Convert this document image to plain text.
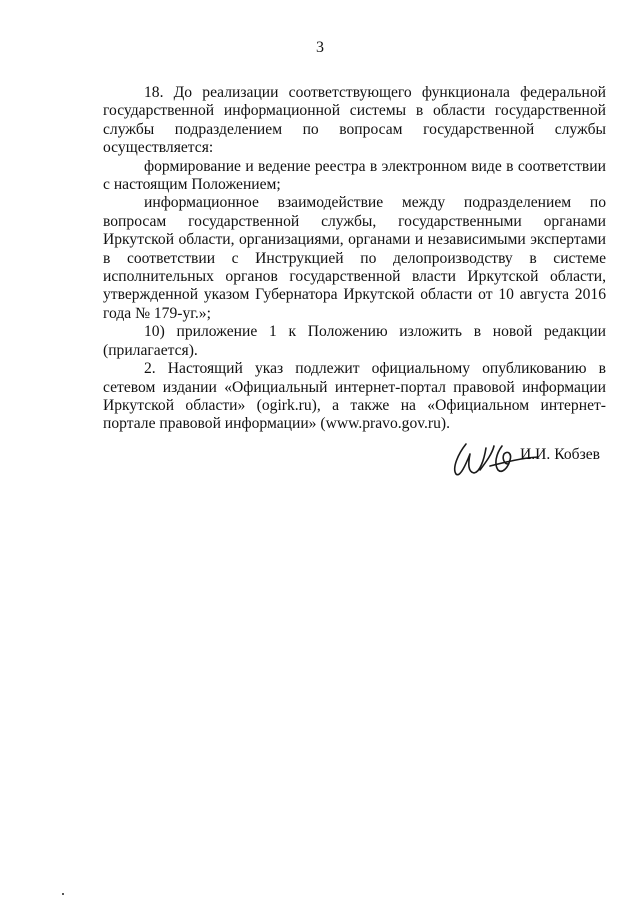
3

18. До реализации соответствующего функционала федеральной государственной информационной системы в области государственной службы подразделением по вопросам государственной службы осуществляется:

формирование и ведение реестра в электронном виде в соответствии с настоящим Положением;

информационное взаимодействие между подразделением по вопросам государственной службы, государственными органами Иркутской области, организациями, органами и независимыми экспертами в соответствии с Инструкцией по делопроизводству в системе исполнительных органов государственной власти Иркутской области, утвержденной указом Губернатора Иркутской области от 10 августа 2016 года № 179-уг.»;

10) приложение 1 к Положению изложить в новой редакции (прилагается).

2. Настоящий указ подлежит официальному опубликованию в сетевом издании «Официальный интернет-портал правовой информации Иркутской области» (ogirk.ru), а также на «Официальном интернет-портале правовой информации» (www.pravo.gov.ru).

И.И. Кобзев
